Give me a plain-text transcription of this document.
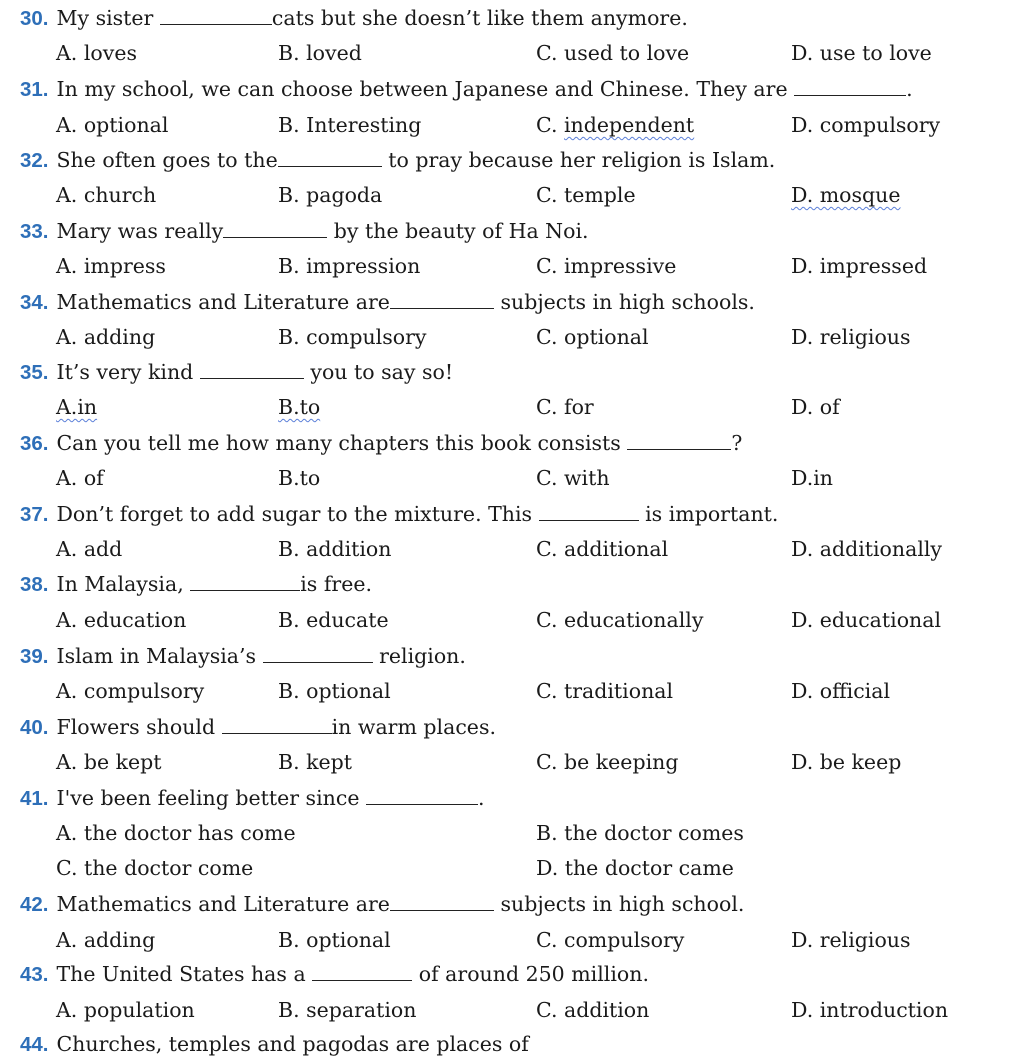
30. My sister	cats but she doesn’t like them anymore.
A. loves	B. loved	C. used to love	D. use to love
31. In my school, we can choose between Japanese and Chinese. They are	.
A. optional	B. Interesting	C. independent	D. compulsory
32. She often goes to the	to pray because her religion is Islam.
A. church	B. pagoda	C. temple	D. mosque
33. Mary was really	by the beauty of Ha Noi.
A. impress	B. impression	C. impressive	D. impressed
34. Mathematics and Literature are	subjects in high schools.
A. adding	B. compulsory	C. optional	D. religious
35. It’s very kind	you to say so!
A.in	B.to	C. for	D. of
36. Can you tell me how many chapters this book consists	?
A. of	B.to	C. with	D.in
37. Don’t forget to add sugar to the mixture. This	is important.
A. add	B. addition	C. additional	D. additionally
38. In Malaysia,	is free.
A. education	B. educate	C. educationally	D. educational
39. Islam in Malaysia’s	religion.
A. compulsory	B. optional	C. traditional	D. official
40. Flowers should	in warm places.
A. be kept	B. kept	C. be keeping	D. be keep
41. I've been feeling better since	.
A. the doctor has come	B. the doctor comes
C. the doctor come	D. the doctor came
42. Mathematics and Literature are	subjects in high school.
A. adding	B. optional	C. compulsory	D. religious
43. The United States has a	of around 250 million.
A. population	B. separation	C. addition	D. introduction
44. Churches, temples and pagodas are places of
